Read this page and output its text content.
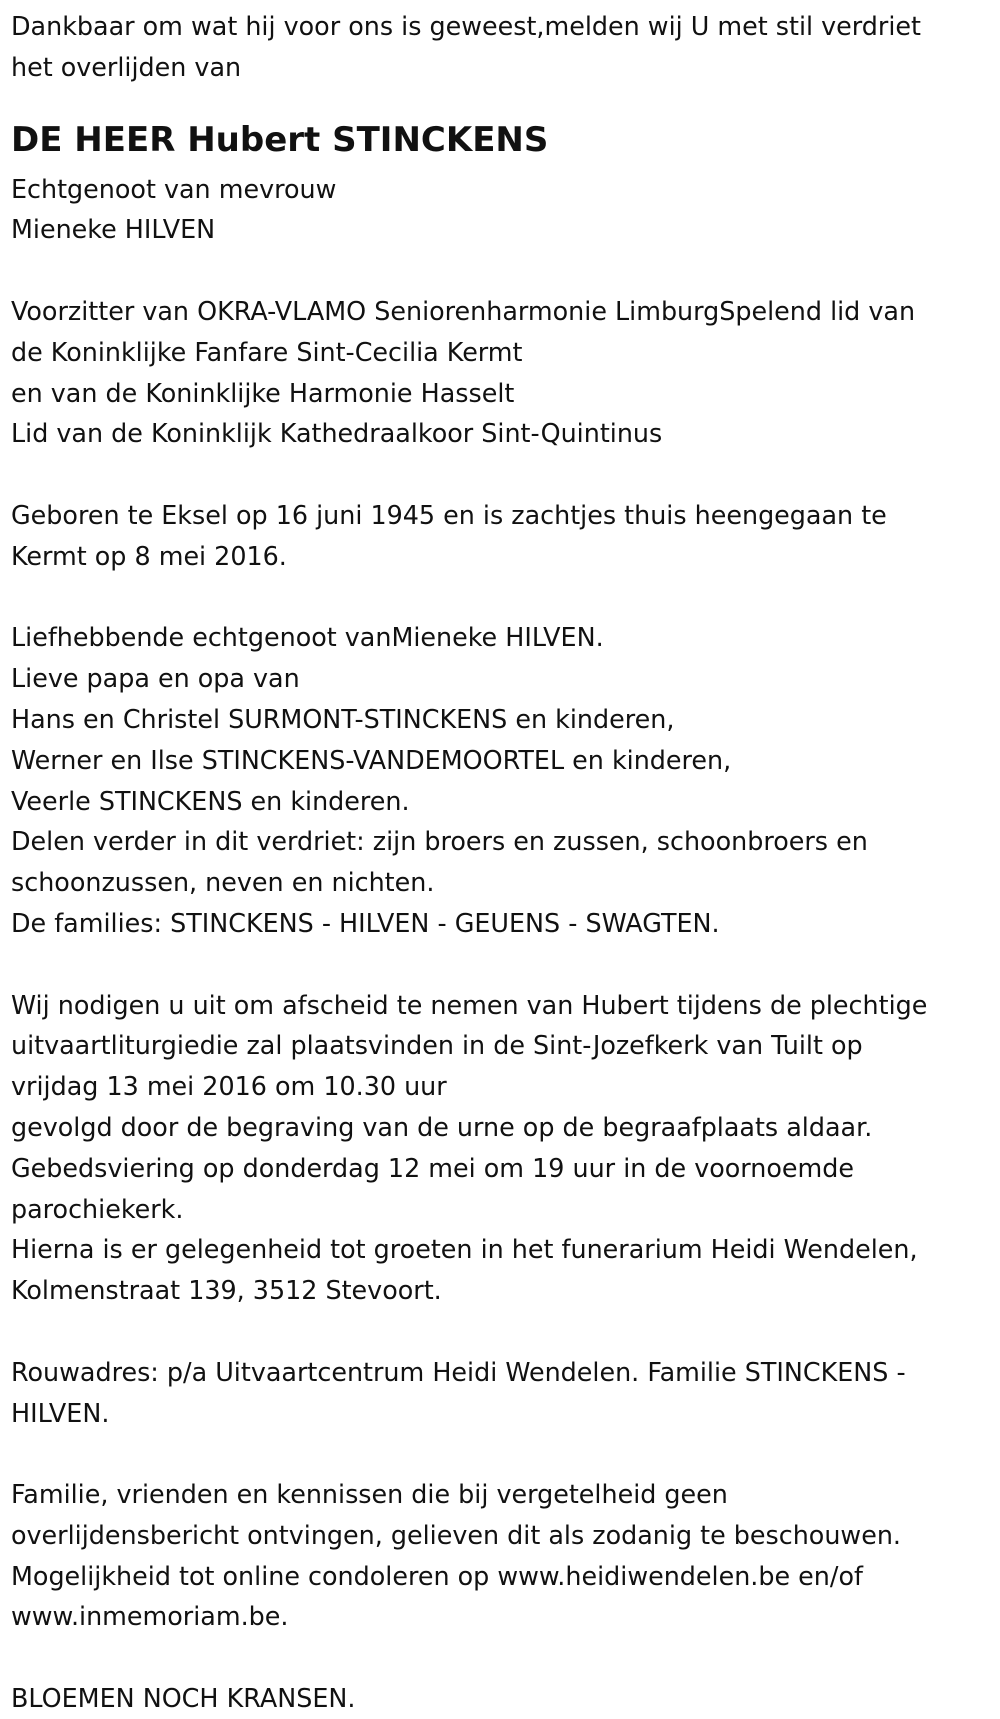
Dankbaar om wat hij voor ons is geweest,melden wij U met stil verdriet

het overlijden van

DE HEER Hubert STINCKENS

Echtgenoot van mevrouw

Mieneke HILVEN

Voorzitter van OKRA-VLAMO Seniorenharmonie LimburgSpelend lid van

de Koninklijke Fanfare Sint-Cecilia Kermt

en van de Koninklijke Harmonie Hasselt

Lid van de Koninklijk Kathedraalkoor Sint-Quintinus

Geboren te Eksel op 16 juni 1945 en is zachtjes thuis heengegaan te

Kermt op 8 mei 2016.

Liefhebbende echtgenoot vanMieneke HILVEN.

Lieve papa en opa van

Hans en Christel SURMONT-STINCKENS en kinderen,

Werner en Ilse STINCKENS-VANDEMOORTEL en kinderen,

Veerle STINCKENS en kinderen.

Delen verder in dit verdriet: zijn broers en zussen, schoonbroers en

schoonzussen, neven en nichten.

De families: STINCKENS - HILVEN - GEUENS - SWAGTEN.

Wij nodigen u uit om afscheid te nemen van Hubert tijdens de plechtige

uitvaartliturgiedie zal plaatsvinden in de Sint-Jozefkerk van Tuilt op

vrijdag 13 mei 2016 om 10.30 uur

gevolgd door de begraving van de urne op de begraafplaats aldaar.

Gebedsviering op donderdag 12 mei om 19 uur in de voornoemde

parochiekerk.

Hierna is er gelegenheid tot groeten in het funerarium Heidi Wendelen,

Kolmenstraat 139, 3512 Stevoort.

Rouwadres: p/a Uitvaartcentrum Heidi Wendelen. Familie STINCKENS -

HILVEN.

Familie, vrienden en kennissen die bij vergetelheid geen

overlijdensbericht ontvingen, gelieven dit als zodanig te beschouwen.

Mogelijkheid tot online condoleren op www.heidiwendelen.be en/of

www.inmemoriam.be.

BLOEMEN NOCH KRANSEN.
